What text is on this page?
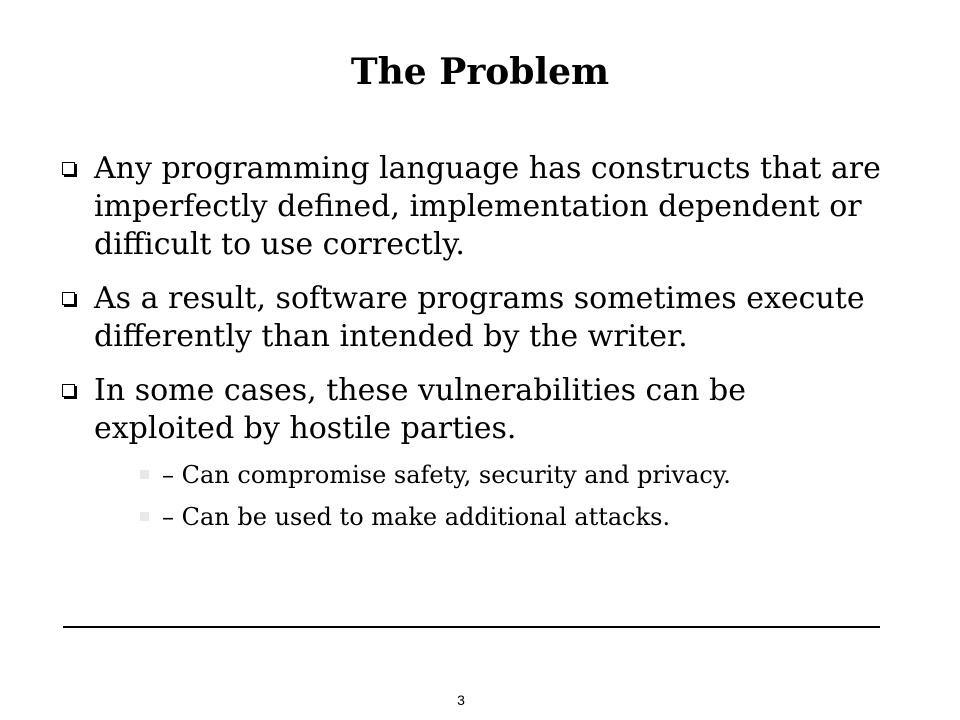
The Problem
Any programming language has constructs that are imperfectly defined, implementation dependent or difficult to use correctly.
As a result, software programs sometimes execute differently than intended by the writer.
In some cases, these vulnerabilities can be exploited by hostile parties.
– Can compromise safety, security and privacy.
– Can be used to make additional attacks.
3
